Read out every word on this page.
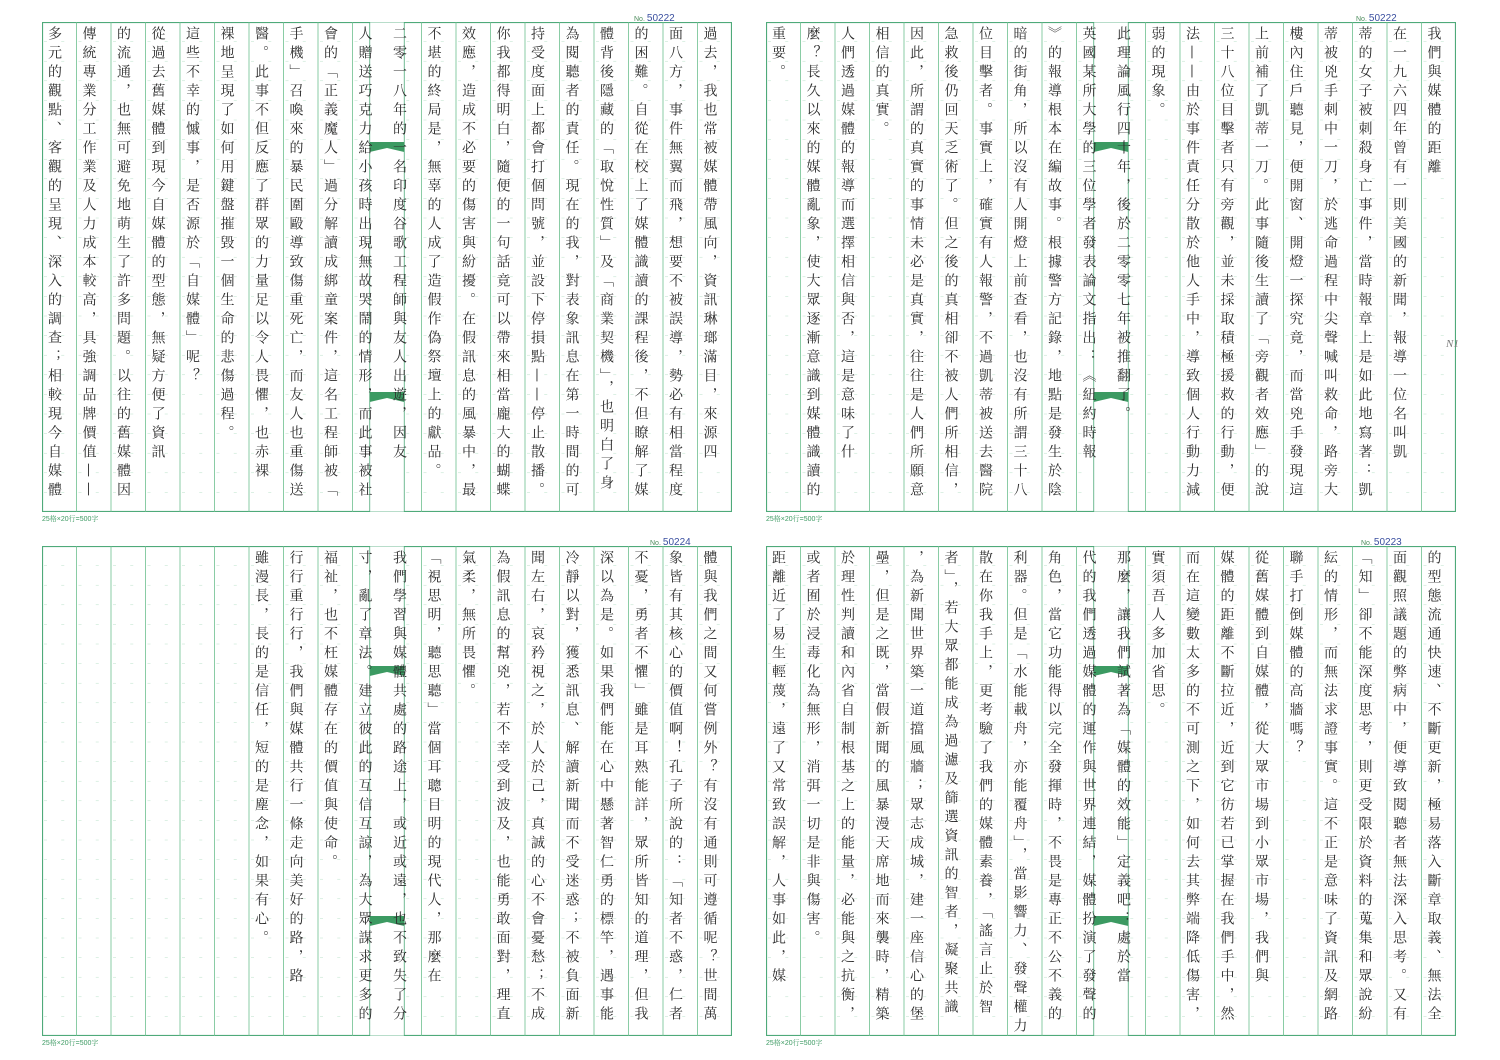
No. 50222
25格×20行=500字
我們與媒體的距離
在一九六四年曾有一則美國的新聞，報導一位名叫凱
蒂的女子被刺殺身亡事件，當時報章上是如此地寫著：凱
蒂被兇手刺中一刀，於逃命過程中尖聲喊叫救命，路旁大
樓內住戶聽見，便開窗、開燈一探究竟，而當兇手發現這
上前補了凱蒂一刀。此事隨後生讀了「旁觀者效應」的說
三十八位目擊者只有旁觀，並未採取積極援救的行動，便
法——由於事件責任分散於他人手中，導致個人行動力減
弱的現象。
此理論風行四十年，後於二零零七年被推翻了。
英國某所大學的三位學者發表論文指出：《紐約時報
》的報導根本在編故事。根據警方記錄，地點是發生於陰
暗的街角，所以沒有人開燈上前查看，也沒有所謂三十八
位目擊者。事實上，確實有人報警，不過凱蒂被送去醫院
急救後仍回天乏術了。但之後的真相卻不被人們所相信，
因此，所謂的真實的事情未必是真實，往往是人們所願意
相信的真實。
人們透過媒體的報導而選擇相信與否，這是意味了什
麼？長久以來的媒體亂象，使大眾逐漸意識到媒體識讀的
重要。
No. 50222
25格×20行=500字
過去，我也常被媒體帶風向，資訊琳瑯滿目，來源四
面八方，事件無翼而飛，想要不被誤導，勢必有相當程度
的困難。自從在校上了媒體識讀的課程後，不但瞭解了媒
體背後隱藏的「取悅性質」及「商業契機」，也明白了身
為閱聽者的責任。現在的我，對表象訊息在第一時間的可
持受度面上都會打個問號，並設下停損點——停止散播。
你我都得明白，隨便的一句話竟可以帶來相當龐大的蝴蝶
效應，造成不必要的傷害與紛擾。在假訊息的風暴中，最
不堪的終局是，無辜的人成了造假作偽祭壇上的獻品。
二零一八年的一名印度谷歌工程師與友人出遊，因友
人贈送巧克力給小孩時出現無故哭鬧的情形，而此事被社
會的「正義魔人」過分解讀成綁童案件，這名工程師被「
手機」召喚來的暴民圍毆導致傷重死亡，而友人也重傷送
醫。此事不但反應了群眾的力量足以令人畏懼，也赤裸
裸地呈現了如何用鍵盤摧毀一個生命的悲傷過程。
這些不幸的慽事，是否源於「自媒體」呢？
從過去舊媒體到現今自媒體的型態，無疑方便了資訊
的流通，也無可避免地萌生了許多問題。以往的舊媒體因
傳統專業分工作業及人力成本較高，具強調品牌價值——
多元的觀點、客觀的呈現、深入的調查；相較現今自媒體
No. 50223
25格×20行=500字
的型態流通快速、不斷更新，極易落入斷章取義、無法全
面觀照議題的弊病中，便導致閱聽者無法深入思考。又有
「知」卻不能深度思考，則更受限於資料的蒐集和眾說紛
紜的情形，而無法求證事實。這不正是意味了資訊及網路
聯手打倒媒體的高牆嗎？
從舊媒體到自媒體，從大眾市場到小眾市場，我們與
媒體的距離不斷拉近，近到它彷若已掌握在我們手中，然
而在這變數太多的不可測之下，如何去其弊端降低傷害，
實須吾人多加省思。
那麼，讓我們試著為「媒體的效能」定義吧：處於當
代的我們透過媒體的運作與世界連結，媒體扮演了發聲的
角色，當它功能得以完全發揮時，不畏是專正不公不義的
利器。但是「水能載舟，亦能覆舟」，當影響力、發聲權力
散在你我手上，更考驗了我們的媒體素養，「謠言止於智
者」，若大眾都能成為過濾及篩選資訊的智者，凝聚共識
，為新聞世界築一道擋風牆；眾志成城，建一座信心的堡
壘，但是之既，當假新聞的風暴漫天席地而來襲時，精築
於理性判讀和內省自制根基之上的能量，必能與之抗衡，
或者囿於浸毒化為無形，消弭一切是非與傷害。
距離近了易生輕蔑，遠了又常致誤解，人事如此，媒
No. 50224
25格×20行=500字
體與我們之間又何嘗例外？有沒有通則可遵循呢？世間萬
象皆有其核心的價值啊！孔子所說的：「知者不惑，仁者
不憂，勇者不懼」雖是耳熟能詳，眾所皆知的道理，但我
深以為是。如果我們能在心中懸著智仁勇的標竿，遇事能
冷靜以對，獲悉訊息、解讀新聞而不受迷惑；不被負面新
聞左右，哀矜視之，於人於己，真誠的心不會憂愁；不成
為假訊息的幫兇，若不幸受到波及，也能勇敢面對，理直
氣柔，無所畏懼。
「視思明，聽思聽」當個耳聰目明的現代人，那麼在
我們學習與媒體共處的路途上，或近或遠，也不致失了分
寸，亂了章法。建立彼此的互信互諒，為大眾謀求更多的
福祉，也不枉媒體存在的價值與使命。
行行重行行，我們與媒體共行一條走向美好的路，路
雖漫長，長的是信任，短的是塵念，如果有心。
N1
